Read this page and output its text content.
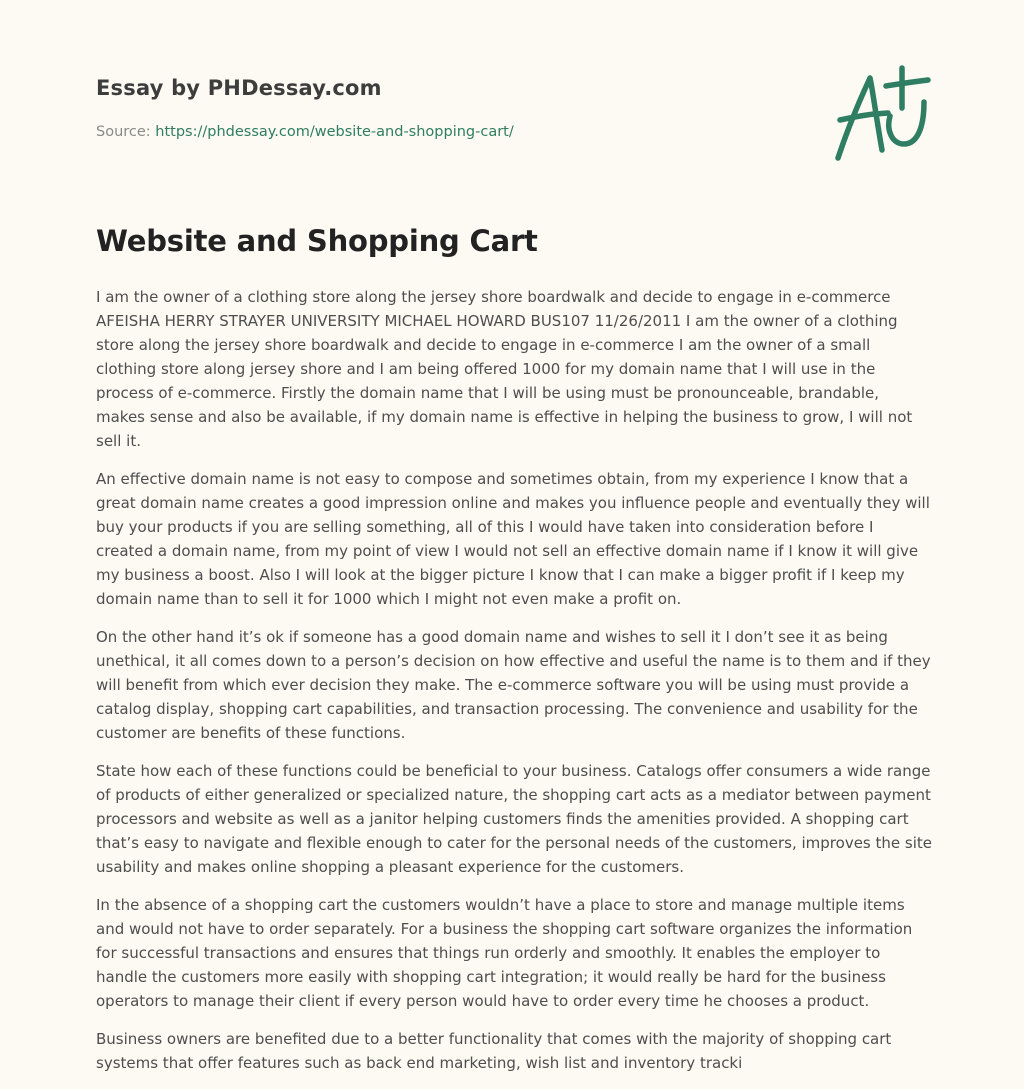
Essay by PHDessay.com

Source: https://phdessay.com/website-and-shopping-cart/

Website and Shopping Cart

I am the owner of a clothing store along the jersey shore boardwalk and decide to engage in e-commerce AFEISHA HERRY STRAYER UNIVERSITY MICHAEL HOWARD BUS107 11/26/2011 I am the owner of a clothing store along the jersey shore boardwalk and decide to engage in e-commerce I am the owner of a small clothing store along jersey shore and I am being offered 1000 for my domain name that I will use in the process of e-commerce. Firstly the domain name that I will be using must be pronounceable, brandable, makes sense and also be available, if my domain name is effective in helping the business to grow, I will not sell it.

An effective domain name is not easy to compose and sometimes obtain, from my experience I know that a great domain name creates a good impression online and makes you influence people and eventually they will buy your products if you are selling something, all of this I would have taken into consideration before I created a domain name, from my point of view I would not sell an effective domain name if I know it will give my business a boost. Also I will look at the bigger picture I know that I can make a bigger profit if I keep my domain name than to sell it for 1000 which I might not even make a profit on.

On the other hand it’s ok if someone has a good domain name and wishes to sell it I don’t see it as being unethical, it all comes down to a person’s decision on how effective and useful the name is to them and if they will benefit from which ever decision they make. The e-commerce software you will be using must provide a catalog display, shopping cart capabilities, and transaction processing. The convenience and usability for the customer are benefits of these functions.

State how each of these functions could be beneficial to your business. Catalogs offer consumers a wide range of products of either generalized or specialized nature, the shopping cart acts as a mediator between payment processors and website as well as a janitor helping customers finds the amenities provided. A shopping cart that’s easy to navigate and flexible enough to cater for the personal needs of the customers, improves the site usability and makes online shopping a pleasant experience for the customers.

In the absence of a shopping cart the customers wouldn’t have a place to store and manage multiple items and would not have to order separately. For a business the shopping cart software organizes the information for successful transactions and ensures that things run orderly and smoothly. It enables the employer to handle the customers more easily with shopping cart integration; it would really be hard for the business operators to manage their client if every person would have to order every time he chooses a product.

Business owners are benefited due to a better functionality that comes with the majority of shopping cart systems that offer features such as back end marketing, wish list and inventory tracki
